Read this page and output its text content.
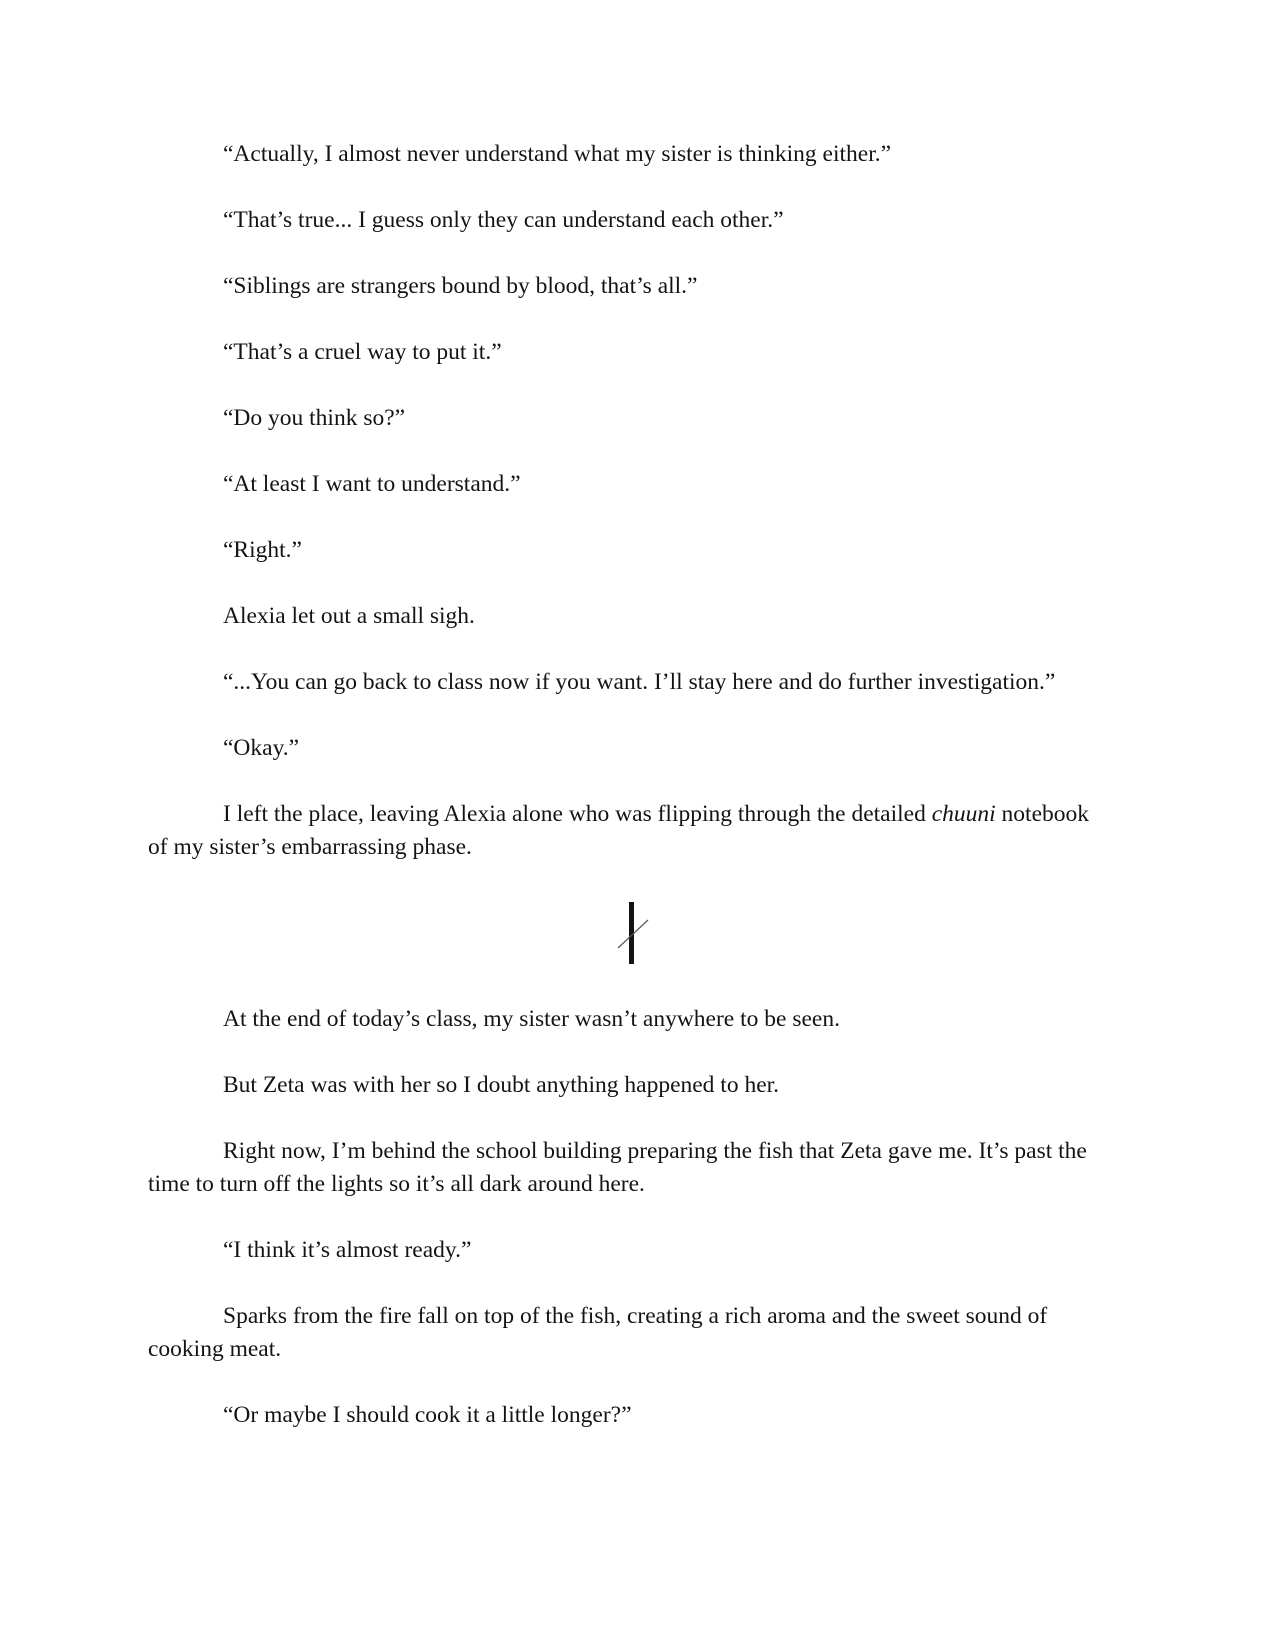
“Actually, I almost never understand what my sister is thinking either.”

“That’s true... I guess only they can understand each other.”

“Siblings are strangers bound by blood, that’s all.”

“That’s a cruel way to put it.”

“Do you think so?”

“At least I want to understand.”

“Right.”

Alexia let out a small sigh.

“...You can go back to class now if you want. I’ll stay here and do further investigation.”

“Okay.”

I left the place, leaving Alexia alone who was flipping through the detailed chuuni notebook of my sister’s embarrassing phase.

At the end of today’s class, my sister wasn’t anywhere to be seen.

But Zeta was with her so I doubt anything happened to her.

Right now, I’m behind the school building preparing the fish that Zeta gave me. It’s past the time to turn off the lights so it’s all dark around here.

“I think it’s almost ready.”

Sparks from the fire fall on top of the fish, creating a rich aroma and the sweet sound of cooking meat.

“Or maybe I should cook it a little longer?”
